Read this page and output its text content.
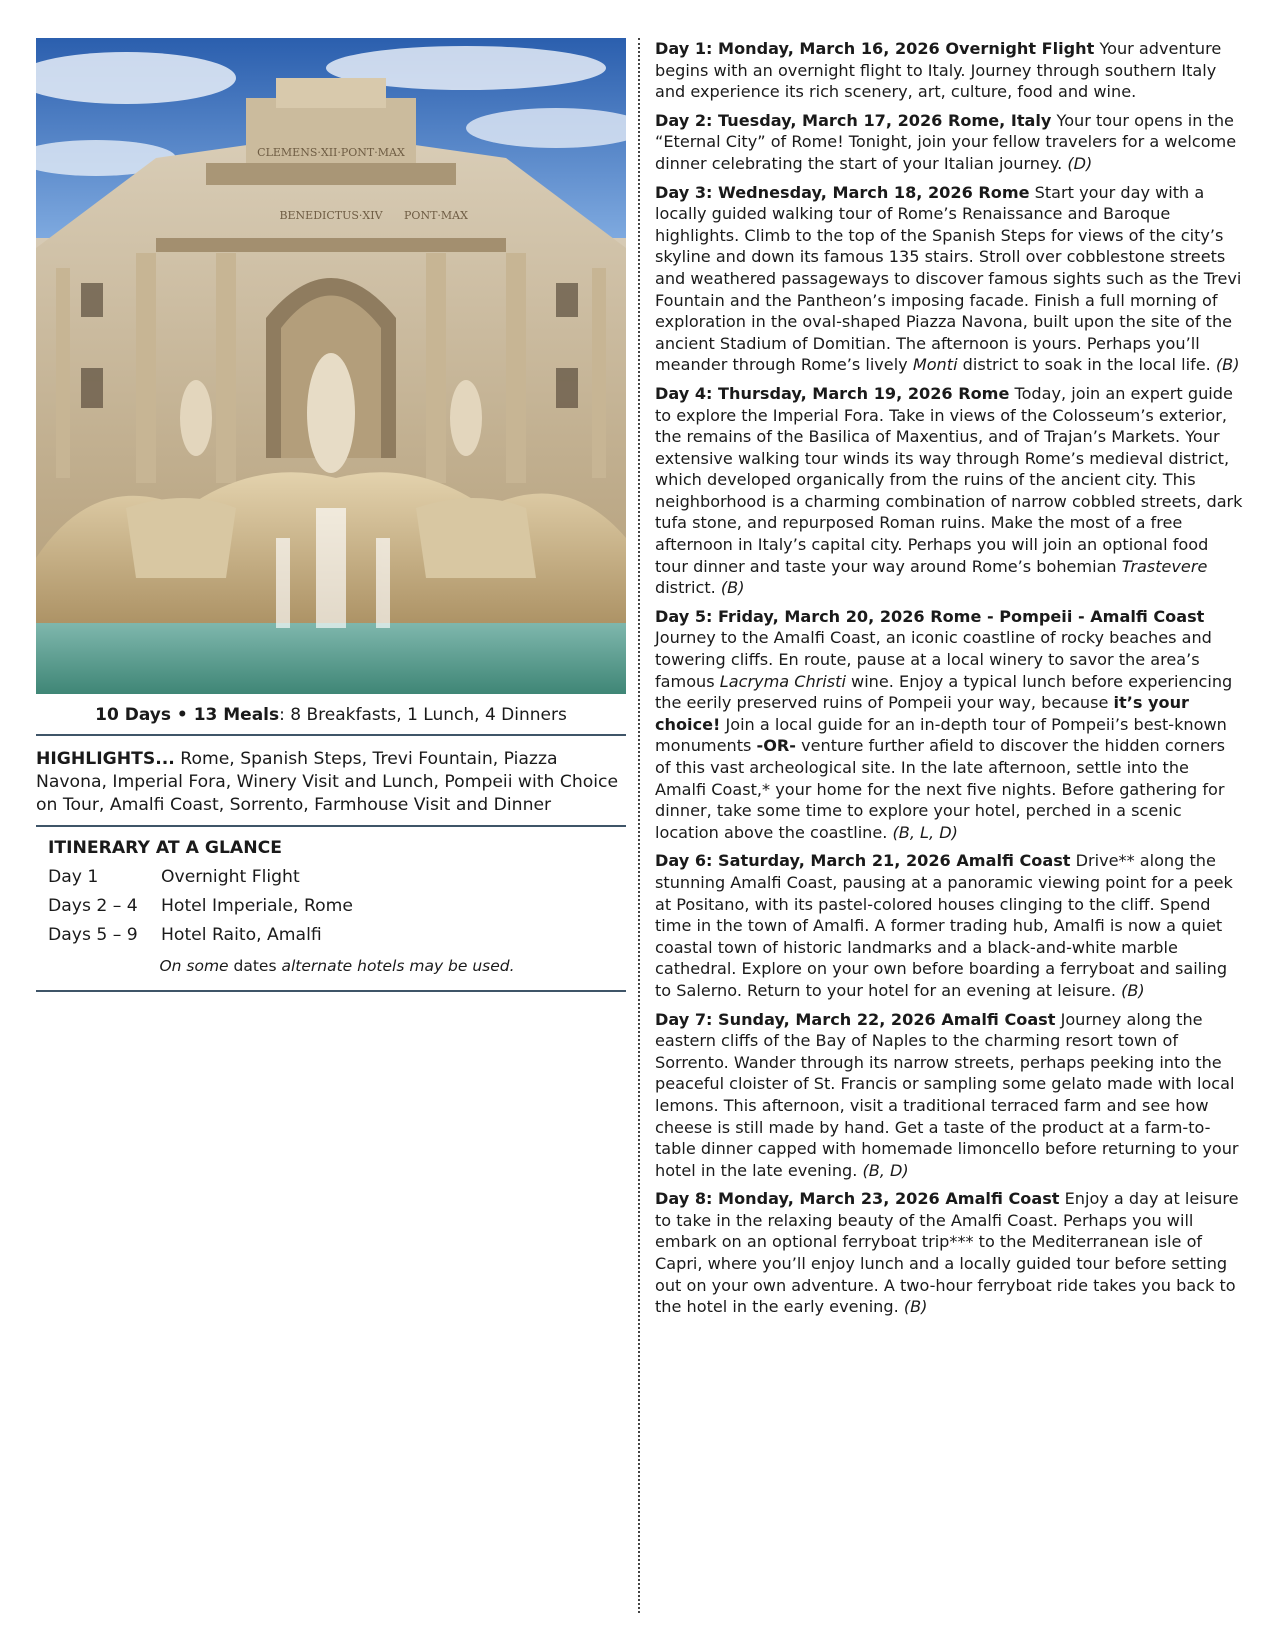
CLEMENS·XII·PONT·MAX
BENEDICTUS·XIV PONT·MAX
10 Days • 13 Meals: 8 Breakfasts, 1 Lunch, 4 Dinners
HIGHLIGHTS... Rome, Spanish Steps, Trevi Fountain, Piazza Navona, Imperial Fora, Winery Visit and Lunch, Pompeii with Choice on Tour, Amalfi Coast, Sorrento, Farmhouse Visit and Dinner
ITINERARY AT A GLANCE
Day 1	Overnight Flight
Days 2 – 4	Hotel Imperiale, Rome
Days 5 – 9	Hotel Raito, Amalfi
On some dates alternate hotels may be used.

Day 1: Monday, March 16, 2026 Overnight Flight Your adventure begins with an overnight flight to Italy. Journey through southern Italy and experience its rich scenery, art, culture, food and wine.

Day 2: Tuesday, March 17, 2026 Rome, Italy Your tour opens in the “Eternal City” of Rome! Tonight, join your fellow travelers for a welcome dinner celebrating the start of your Italian journey. (D)

Day 3: Wednesday, March 18, 2026 Rome Start your day with a locally guided walking tour of Rome’s Renaissance and Baroque highlights. Climb to the top of the Spanish Steps for views of the city’s skyline and down its famous 135 stairs. Stroll over cobblestone streets and weathered passageways to discover famous sights such as the Trevi Fountain and the Pantheon’s imposing facade. Finish a full morning of exploration in the oval-shaped Piazza Navona, built upon the site of the ancient Stadium of Domitian. The afternoon is yours. Perhaps you’ll meander through Rome’s lively Monti district to soak in the local life. (B)

Day 4: Thursday, March 19, 2026 Rome Today, join an expert guide to explore the Imperial Fora. Take in views of the Colosseum’s exterior, the remains of the Basilica of Maxentius, and of Trajan’s Markets. Your extensive walking tour winds its way through Rome’s medieval district, which developed organically from the ruins of the ancient city. This neighborhood is a charming combination of narrow cobbled streets, dark tufa stone, and repurposed Roman ruins. Make the most of a free afternoon in Italy’s capital city. Perhaps you will join an optional food tour dinner and taste your way around Rome’s bohemian Trastevere district. (B)

Day 5: Friday, March 20, 2026 Rome - Pompeii - Amalfi Coast Journey to the Amalfi Coast, an iconic coastline of rocky beaches and towering cliffs. En route, pause at a local winery to savor the area’s famous Lacryma Christi wine. Enjoy a typical lunch before experiencing the eerily preserved ruins of Pompeii your way, because it’s your choice! Join a local guide for an in-depth tour of Pompeii’s best-known monuments -OR- venture further afield to discover the hidden corners of this vast archeological site. In the late afternoon, settle into the Amalfi Coast,* your home for the next five nights. Before gathering for dinner, take some time to explore your hotel, perched in a scenic location above the coastline. (B, L, D)

Day 6: Saturday, March 21, 2026 Amalfi Coast Drive** along the stunning Amalfi Coast, pausing at a panoramic viewing point for a peek at Positano, with its pastel-colored houses clinging to the cliff. Spend time in the town of Amalfi. A former trading hub, Amalfi is now a quiet coastal town of historic landmarks and a black-and-white marble cathedral. Explore on your own before boarding a ferryboat and sailing to Salerno. Return to your hotel for an evening at leisure. (B)

Day 7: Sunday, March 22, 2026 Amalfi Coast Journey along the eastern cliffs of the Bay of Naples to the charming resort town of Sorrento. Wander through its narrow streets, perhaps peeking into the peaceful cloister of St. Francis or sampling some gelato made with local lemons. This afternoon, visit a traditional terraced farm and see how cheese is still made by hand. Get a taste of the product at a farm-to-table dinner capped with homemade limoncello before returning to your hotel in the late evening. (B, D)

Day 8: Monday, March 23, 2026 Amalfi Coast Enjoy a day at leisure to take in the relaxing beauty of the Amalfi Coast. Perhaps you will embark on an optional ferryboat trip*** to the Mediterranean isle of Capri, where you’ll enjoy lunch and a locally guided tour before setting out on your own adventure. A two-hour ferryboat ride takes you back to the hotel in the early evening. (B)
